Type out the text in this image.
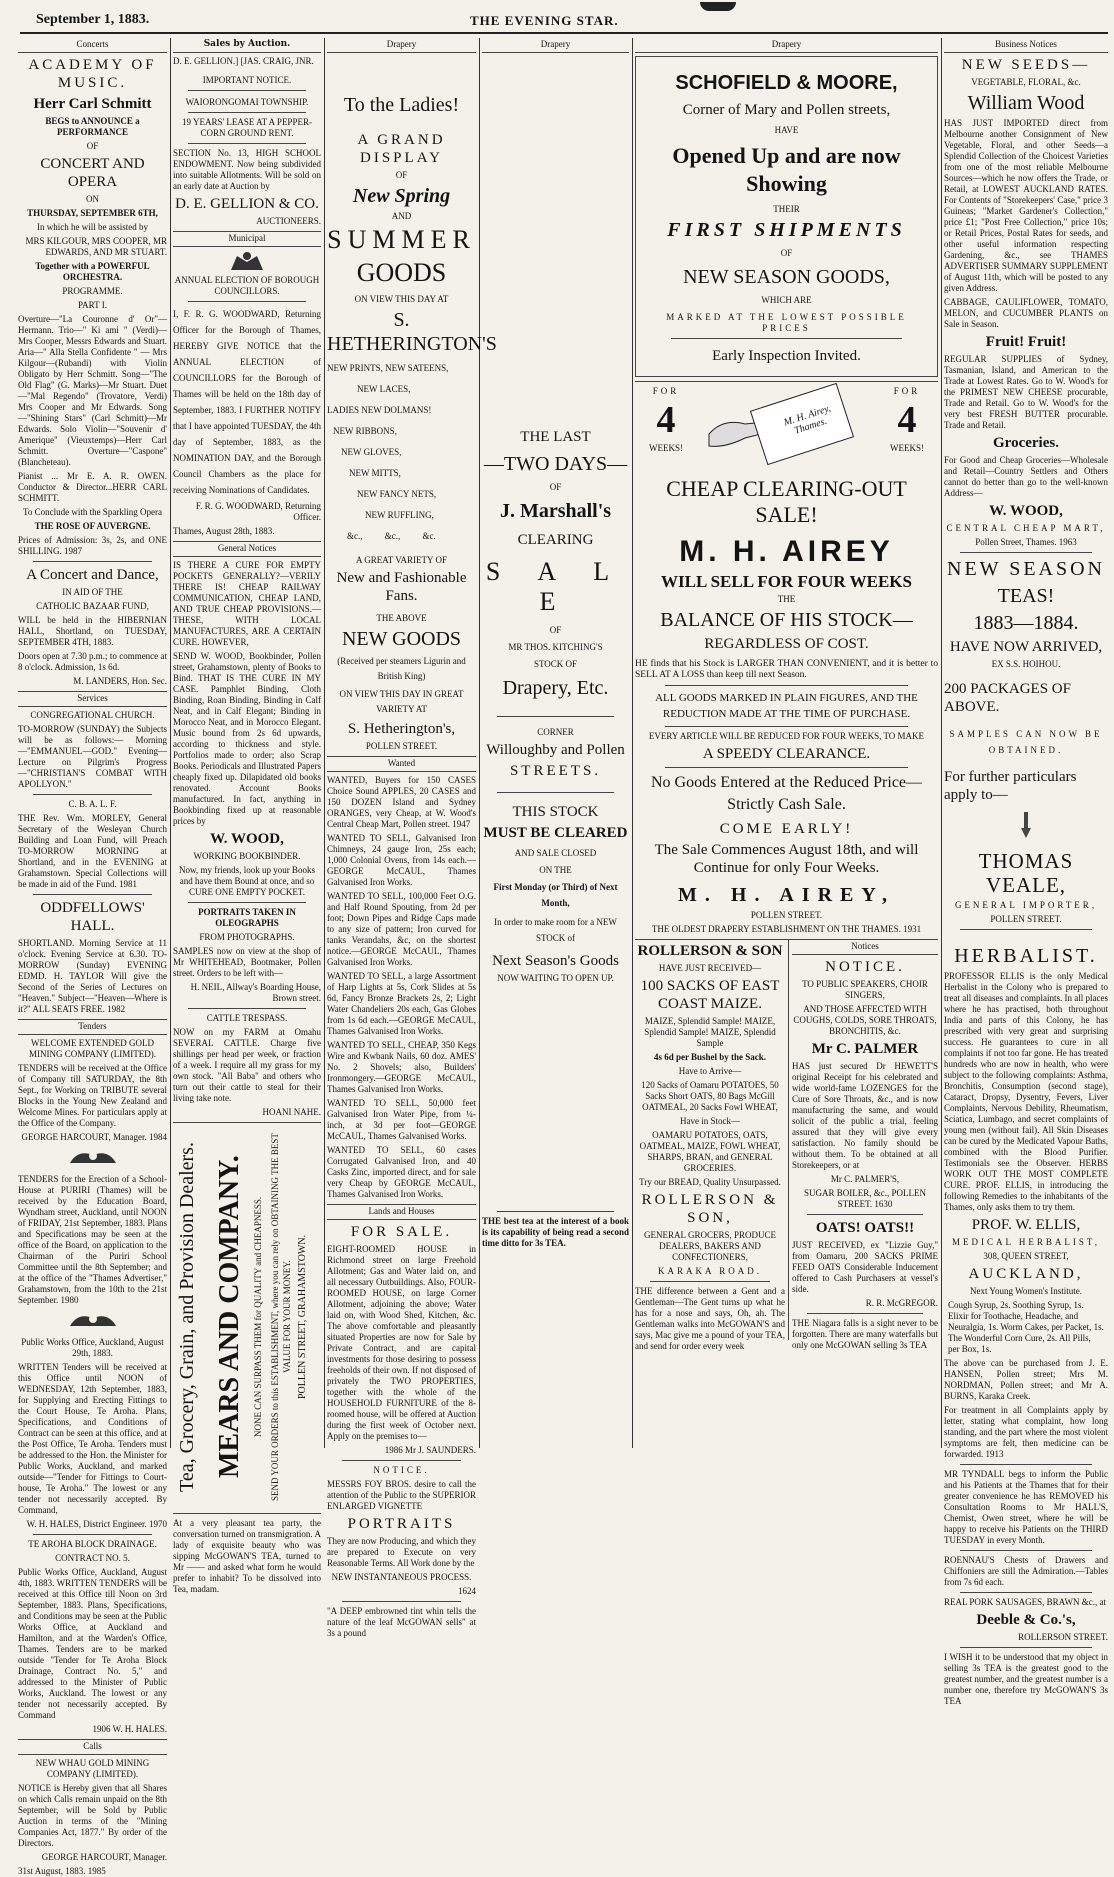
September 1, 1883.	THE EVENING STAR.
Concerts

ACADEMY OF MUSIC.

Herr Carl Schmitt

BEGS to ANNOUNCE a PERFORMANCE

OF

CONCERT AND OPERA

ON

THURSDAY, SEPTEMBER 6TH,

In which he will be assisted by

MRS KILGOUR, MRS COOPER, MR EDWARDS, AND MR STUART.

Together with a POWERFUL ORCHESTRA.

PROGRAMME.

PART I.

Overture—"La Couronne d' Or"—Hermann. Trio—" Ki ami " (Verdi)—Mrs Cooper, Messrs Edwards and Stuart. Aria—" Alla Stella Confidente " — Mrs Kilgour—(Rubandi) with Violin Obligato by Herr Schmitt. Song—"The Old Flag" (G. Marks)—Mr Stuart. Duet—"Mal Regendo" (Trovatore, Verdi) Mrs Cooper and Mr Edwards. Song—"Shining Stars" (Carl Schmitt)—Mr Edwards. Solo Violin—"Souvenir d' Amerique" (Vieuxtemps)—Herr Carl Schmitt. Overture—"Caspone" (Blancheteau).

Pianist ... Mr E. A. R. OWEN. Conductor & Director...HERR CARL SCHMITT.

To Conclude with the Sparkling Opera

THE ROSE OF AUVERGNE.

Prices of Admission: 3s, 2s, and ONE SHILLING. 1987

A Concert and Dance,

IN AID OF THE

CATHOLIC BAZAAR FUND,

WILL be held in the HIBERNIAN HALL, Shortland, on TUESDAY, SEPTEMBER 4TH, 1883.

Doors open at 7.30 p.m.; to commence at 8 o'clock. Admission, 1s 6d.

M. LANDERS, Hon. Sec.

Services

CONGREGATIONAL CHURCH.

TO-MORROW (SUNDAY) the Subjects will be as follows:— Morning—"EMMANUEL—GOD." Evening—Lecture on Pilgrim's Progress—"CHRISTIAN'S COMBAT WITH APOLLYON."

C. B. A. L. F.

THE Rev. Wm. MORLEY, General Secretary of the Wesleyan Church Building and Loan Fund, will Preach TO-MORROW MORNING at Shortland, and in the EVENING at Grahamstown. Special Collections will be made in aid of the Fund. 1981

ODDFELLOWS' HALL.

SHORTLAND. Morning Service at 11 o'clock. Evening Service at 6.30. TO-MORROW (Sunday) EVENING EDMD. H. TAYLOR Will give the Second of the Series of Lectures on "Heaven." Subject—"Heaven—Where is it?" ALL SEATS FREE. 1982

Tenders

WELCOME EXTENDED GOLD MINING COMPANY (LIMITED).

TENDERS will be received at the Office of Company till SATURDAY, the 8th Sept., for Working on TRIBUTE several Blocks in the Young New Zealand and Welcome Mines. For particulars apply at the Office of the Company.

GEORGE HARCOURT, Manager. 1984

TENDERS for the Erection of a School-House at PURIRI (Thames) will be received by the Education Board, Wyndham street, Auckland, until NOON of FRIDAY, 21st September, 1883. Plans and Specifications may be seen at the office of the Board, on application to the Chairman of the Puriri School Committee until the 8th September; and at the office of the "Thames Advertiser," Grahamstown, from the 10th to the 21st September. 1980

Public Works Office, Auckland, August 29th, 1883.

WRITTEN Tenders will be received at this Office until NOON of WEDNESDAY, 12th September, 1883, for Supplying and Erecting Fittings to the Court House, Te Aroha. Plans, Specifications, and Conditions of Contract can be seen at this office, and at the Post Office, Te Aroha. Tenders must be addressed to the Hon. the Minister for Public Works, Auckland, and marked outside—"Tender for Fittings to Court-house, Te Aroha." The lowest or any tender not necessarily accepted. By Command,

W. H. HALES, District Engineer. 1970

TE AROHA BLOCK DRAINAGE.

CONTRACT NO. 5.

Public Works Office, Auckland, August 4th, 1883. WRITTEN TENDERS will be received at this Office till Noon on 3rd September, 1883. Plans, Specifications, and Conditions may be seen at the Public Works Office, at Auckland and Hamilton, and at the Warden's Office, Thames. Tenders are to be marked outside "Tender for Te Aroha Block Drainage, Contract No. 5," and addressed to the Minister of Public Works, Auckland. The lowest or any tender not necessarily accepted. By Command

1906 W. H. HALES.

Calls

NEW WHAU GOLD MINING COMPANY (LIMITED).

NOTICE is Hereby given that all Shares on which Calls remain unpaid on the 8th September, will be Sold by Public Auction in terms of the "Mining Companies Act, 1877." By order of the Directors.

GEORGE HARCOURT, Manager.

31st August, 1883. 1985

Sales by Auction.

D. E. GELLION.] [JAS. CRAIG, JNR.

IMPORTANT NOTICE.

WAIORONGOMAI TOWNSHIP.

19 YEARS' LEASE AT A PEPPER-CORN GROUND RENT.

SECTION No. 13, HIGH SCHOOL ENDOWMENT. Now being subdivided into suitable Allotments. Will be sold on an early date at Auction by

D. E. GELLION & CO.

AUCTIONEERS.

Municipal

ANNUAL ELECTION OF BOROUGH COUNCILLORS.

I, F. R. G. WOODWARD, Returning Officer for the Borough of Thames, HEREBY GIVE NOTICE that the ANNUAL ELECTION of COUNCILLORS for the Borough of Thames will be held on the 18th day of September, 1883. I FURTHER NOTIFY that I have appointed TUESDAY, the 4th day of September, 1883, as the NOMINATION DAY, and the Borough Council Chambers as the place for receiving Nominations of Candidates.

F. R. G. WOODWARD, Returning Officer.

Thames, August 28th, 1883.

General Notices

IS THERE A CURE FOR EMPTY POCKETS GENERALLY?—VERILY THERE IS! CHEAP RAILWAY COMMUNICATION, CHEAP LAND, AND TRUE CHEAP PROVISIONS.—THESE, WITH LOCAL MANUFACTURES, ARE A CERTAIN CURE. HOWEVER,

SEND W. WOOD, Bookbinder, Pollen street, Grahamstown, plenty of Books to Bind. THAT IS THE CURE IN MY CASE. Pamphlet Binding, Cloth Binding, Roan Binding, Binding in Calf Neat, and in Calf Elegant; Binding in Morocco Neat, and in Morocco Elegant. Music bound from 2s 6d upwards, according to thickness and style. Portfolios made to order; also Scrap Books. Periodicals and Illustrated Papers cheaply fixed up. Dilapidated old books renovated. Account Books manufactured. In fact, anything in Bookbinding fixed up at reasonable prices by

W. WOOD,

WORKING BOOKBINDER.

Now, my friends, look up your Books and have them Bound at once, and so CURE ONE EMPTY POCKET.

PORTRAITS TAKEN IN OLEOGRAPHS

FROM PHOTOGRAPHS.

SAMPLES now on view at the shop of Mr WHITEHEAD, Bootmaker, Pollen street. Orders to be left with—

H. NEIL, Allway's Boarding House, Brown street.

CATTLE TRESPASS.

NOW on my FARM at Omahu SEVERAL CATTLE. Charge five shillings per head per week, or fraction of a week. I require all my grass for my own stock. "All Baba" and others who turn out their cattle to steal for their living take note.

HOANI NAHE.

Tea, Grocery, Grain, and Provision Dealers. MEARS AND COMPANY. NONE CAN SURPASS THEM for QUALITY and CHEAPNESS. SEND YOUR ORDERS to this ESTABLISHMENT, where you can rely on OBTAINING THE BEST VALUE FOR YOUR MONEY. POLLEN STREET, GRAHAMSTOWN.

At a very pleasant tea party, the conversation turned on transmigration. A lady of exquisite beauty who was sipping McGOWAN'S TEA, turned to Mr —— and asked what form he would prefer to inhabit? To be dissolved into Tea, madam.

Drapery

To the Ladies!

A GRAND DISPLAY

OF

New Spring

AND

SUMMER

GOODS

ON VIEW THIS DAY AT

S. HETHERINGTON'S

NEW PRINTS, NEW SATEENS,

NEW LACES,

LADIES NEW DOLMANS!

NEW RIBBONS,

NEW GLOVES,

NEW MITTS,

NEW FANCY NETS,

NEW RUFFLING,

&c., &c., &c.

A GREAT VARIETY OF

New and Fashionable Fans.

THE ABOVE

NEW GOODS

(Received per steamers Ligurin and British King)

ON VIEW THIS DAY IN GREAT VARIETY AT

S. Hetherington's,

POLLEN STREET.

Wanted

WANTED, Buyers for 150 CASES Choice Sound APPLES, 20 CASES and 150 DOZEN Island and Sydney ORANGES, very Cheap, at W. Wood's Central Cheap Mart, Pollen street. 1947

WANTED TO SELL, Galvanised Iron Chimneys, 24 gauge Iron, 25s each; 1,000 Colonial Ovens, from 14s each.—GEORGE McCAUL, Thames Galvanised Iron Works.

WANTED TO SELL, 100,000 Feet O.G. and Half Round Spouting, from 2d per foot; Down Pipes and Ridge Caps made to any size of pattern; Iron curved for tanks Verandahs, &c, on the shortest notice.—GEORGE McCAUL, Thames Galvanised Iron Works.

WANTED TO SELL, a large Assortment of Harp Lights at 5s, Cork Slides at 5s 6d, Fancy Bronze Brackets 2s, 2; Light Water Chandeliers 20s each, Gas Globes from 1s 6d each.—GEORGE McCAUL, Thames Galvanised Iron Works.

WANTED TO SELL, CHEAP, 350 Kegs Wire and Kwbank Nails, 60 doz. AMES' No. 2 Shovels; also, Builders' Ironmongery.—GEORGE McCAUL, Thames Galvanised Iron Works.

WANTED TO SELL, 50,000 feet Galvanised Iron Water Pipe, from ¼-inch, at 3d per foot—GEORGE McCAUL, Thames Galvanised Works.

WANTED TO SELL, 60 cases Corrugated Galvanised Iron, and 40 Casks Zinc, imported direct, and for sale very Cheap by GEORGE McCAUL, Thames Galvanised Iron Works.

Lands and Houses

FOR SALE.

EIGHT-ROOMED HOUSE in Richmond street on large Freehold Allotment; Gas and Water laid on, and all necessary Outbuildings. Also, FOUR-ROOMED HOUSE, on large Corner Allotment, adjoining the above; Water laid on, with Wood Shed, Kitchen, &c. The above comfortable and pleasantly situated Properties are now for Sale by Private Contract, and are capital investments for those desiring to possess freeholds of their own. If not disposed of privately the TWO PROPERTIES, together with the whole of the HOUSEHOLD FURNITURE of the 8-roomed house, will be offered at Auction during the first week of October next. Apply on the premises to—

1986 Mr J. SAUNDERS.

NOTICE.

MESSRS FOY BROS. desire to call the attention of the Public to the SUPERIOR ENLARGED VIGNETTE

PORTRAITS

They are now Producing, and which they are prepared to Execute on very Reasonable Terms. All Work done by the

NEW INSTANTANEOUS PROCESS.

1624

"A DEEP embrowned tint whin tells the nature of the leaf McGOWAN sells" at 3s a pound

Drapery

THE LAST

—TWO DAYS—

OF

J. Marshall's

CLEARING

S A L E

OF

MR THOS. KITCHING'S

STOCK OF

Drapery, Etc.

CORNER

Willoughby and Pollen

STREETS.

THIS STOCK

MUST BE CLEARED

AND SALE CLOSED

ON THE

First Monday (or Third) of Next Month,

In order to make room for a NEW STOCK of

Next Season's Goods

NOW WAITING TO OPEN UP.

THE best tea at the interest of a book is its capability of being read a second time ditto for 3s TEA.

Drapery

SCHOFIELD & MOORE,

Corner of Mary and Pollen streets,

HAVE

Opened Up and are now Showing

THEIR

FIRST SHIPMENTS

OF

NEW SEASON GOODS,

WHICH ARE

MARKED AT THE LOWEST POSSIBLE PRICES

Early Inspection Invited.

FOR

4

WEEKS!

M. H. Airey, Thames.

FOR

4

WEEKS!

CHEAP CLEARING-OUT SALE!

M. H. AIREY

WILL SELL FOR FOUR WEEKS

THE

BALANCE OF HIS STOCK—

REGARDLESS OF COST.

HE finds that his Stock is LARGER THAN CONVENIENT, and it is better to SELL AT A LOSS than keep till next Season.

ALL GOODS MARKED IN PLAIN FIGURES, AND THE REDUCTION MADE AT THE TIME OF PURCHASE.

EVERY ARTICLE WILL BE REDUCED FOR FOUR WEEKS, TO MAKE

A SPEEDY CLEARANCE.

No Goods Entered at the Reduced Price—Strictly Cash Sale.

COME EARLY!

The Sale Commences August 18th, and will Continue for only Four Weeks.

M. H. AIREY,

POLLEN STREET.

THE OLDEST DRAPERY ESTABLISHMENT ON THE THAMES. 1931

ROLLERSON & SON

HAVE JUST RECEIVED—

100 SACKS OF EAST COAST MAIZE.

MAIZE, Splendid Sample! MAIZE, Splendid Sample! MAIZE, Splendid Sample

4s 6d per Bushel by the Sack.

Have to Arrive—

120 Sacks of Oamaru POTATOES, 50 Sacks Short OATS, 80 Bags McGill OATMEAL, 20 Sacks Fowl WHEAT,

Have in Stock—

OAMARU POTATOES, OATS, OATMEAL, MAIZE, FOWL WHEAT, SHARPS, BRAN, and GENERAL GROCERIES.

Try our BREAD, Quality Unsurpassed.

ROLLERSON & SON,

GENERAL GROCERS, PRODUCE DEALERS, BAKERS AND CONFECTIONERS,

KARAKA ROAD.

THE difference between a Gent and a Gentleman—The Gent turns up what he has for a nose and says, Oh, ah. The Gentleman walks into McGOWAN'S and says, Mac give me a pound of your TEA, and send for order every week

Notices

NOTICE.

TO PUBLIC SPEAKERS, CHOIR SINGERS,

AND THOSE AFFECTED WITH COUGHS, COLDS, SORE THROATS, BRONCHITIS, &c.

Mr C. PALMER

HAS just secured Dr HEWETT'S original Receipt for his celebrated and wide world-fame LOZENGES for the Cure of Sore Throats, &c., and is now manufacturing the same, and would solicit of the public a trial, feeling assured that they will give every satisfaction. No family should be without them. To be obtained at all Storekeepers, or at

Mr C. PALMER'S,

SUGAR BOILER, &c., POLLEN STREET. 1630

OATS! OATS!!

JUST RECEIVED, ex "Lizzie Guy," from Oamaru, 200 SACKS PRIME FEED OATS Considerable Inducement offered to Cash Purchasers at vessel's side.

R. R. McGREGOR.

THE Niagara falls is a sight never to be forgotten. There are many waterfalls but only one McGOWAN selling 3s TEA

Business Notices

NEW SEEDS—

VEGETABLE, FLORAL, &c.

William Wood

HAS JUST IMPORTED direct from Melbourne another Consignment of New Vegetable, Floral, and other Seeds—a Splendid Collection of the Choicest Varieties from one of the most reliable Melbourne Sources—which he now offers the Trade, or Retail, at LOWEST AUCKLAND RATES. For Contents of "Storekeepers' Case," price 3 Guineas; "Market Gardener's Collection," price £1; "Post Free Collection," price 10s; or Retail Prices, Postal Rates for seeds, and other useful information respecting Gardening, &c., see THAMES ADVERTISER SUMMARY SUPPLEMENT of August 11th, which will be posted to any given Address.

CABBAGE, CAULIFLOWER, TOMATO, MELON, and CUCUMBER PLANTS on Sale in Season.

Fruit! Fruit!

REGULAR SUPPLIES of Sydney, Tasmanian, Island, and American to the Trade at Lowest Rates. Go to W. Wood's for the PRIMEST NEW CHEESE procurable, Trade and Retail. Go to W. Wood's for the very best FRESH BUTTER procurable. Trade and Retail.

Groceries.

For Good and Cheap Groceries—Wholesale and Retail—Country Settlers and Others cannot do better than go to the well-known Address—

W. WOOD,

CENTRAL CHEAP MART,

Pollen Street, Thames. 1963

NEW SEASON

TEAS!

1883—1884.

HAVE NOW ARRIVED,

EX S.S. HOIHOU.

200 PACKAGES OF ABOVE.

SAMPLES CAN NOW BE OBTAINED.

For further particulars apply to—

THOMAS VEALE,

GENERAL IMPORTER,

POLLEN STREET.

HERBALIST.

PROFESSOR ELLIS is the only Medical Herbalist in the Colony who is prepared to treat all diseases and complaints. In all places where he has practised, both throughout India and parts of this Colony, he has prescribed with very great and surprising success. He guarantees to cure in all complaints if not too far gone. He has treated hundreds who are now in health, who were subject to the following complaints: Asthma, Bronchitis, Consumption (second stage), Cataract, Dropsy, Dysentry, Fevers, Liver Complaints, Nervous Debility, Rheumatism, Sciatica, Lumbago, and secret complaints of young men (without fail). All Skin Diseases can be cured by the Medicated Vapour Baths, combined with the Blood Purifier. Testimonials see the Observer. HERBS WORK OUT THE MOST COMPLETE CURE. PROF. ELLIS, in introducing the following Remedies to the inhabitants of the Thames, only asks them to try them.

PROF. W. ELLIS,

MEDICAL HERBALIST,

308, QUEEN STREET,

AUCKLAND,

Next Young Women's Institute.

Cough Syrup, 2s. Soothing Syrup, 1s. Elixir for Toothache, Headache, and Neuralgia, 1s. Worm Cakes, per Packet, 1s. The Wonderful Corn Cure, 2s. All Pills, per Box, 1s.

The above can be purchased from J. E. HANSEN, Pollen street; Mrs M. NORDMAN, Pollen street; and Mr A. BURNS, Karaka Creek.

For treatment in all Complaints apply by letter, stating what complaint, how long standing, and the part where the most violent symptoms are felt, then medicine can be forwarded. 1913

MR TYNDALL begs to inform the Public and his Patients at the Thames that for their greater convenience he has REMOVED his Consultation Rooms to Mr HALL'S, Chemist, Owen street, where he will be happy to receive his Patients on the THIRD TUESDAY in every Month.

ROENNAU'S Chests of Drawers and Chiffoniers are still the Admiration.—Tables from 7s 6d each.

REAL PORK SAUSAGES, BRAWN &c., at

Deeble & Co.'s,

ROLLERSON STREET.

I WISH it to be understood that my object in selling 3s TEA is the greatest good to the greatest number, and the greatest number is a number one, therefore try McGOWAN'S 3s TEA
